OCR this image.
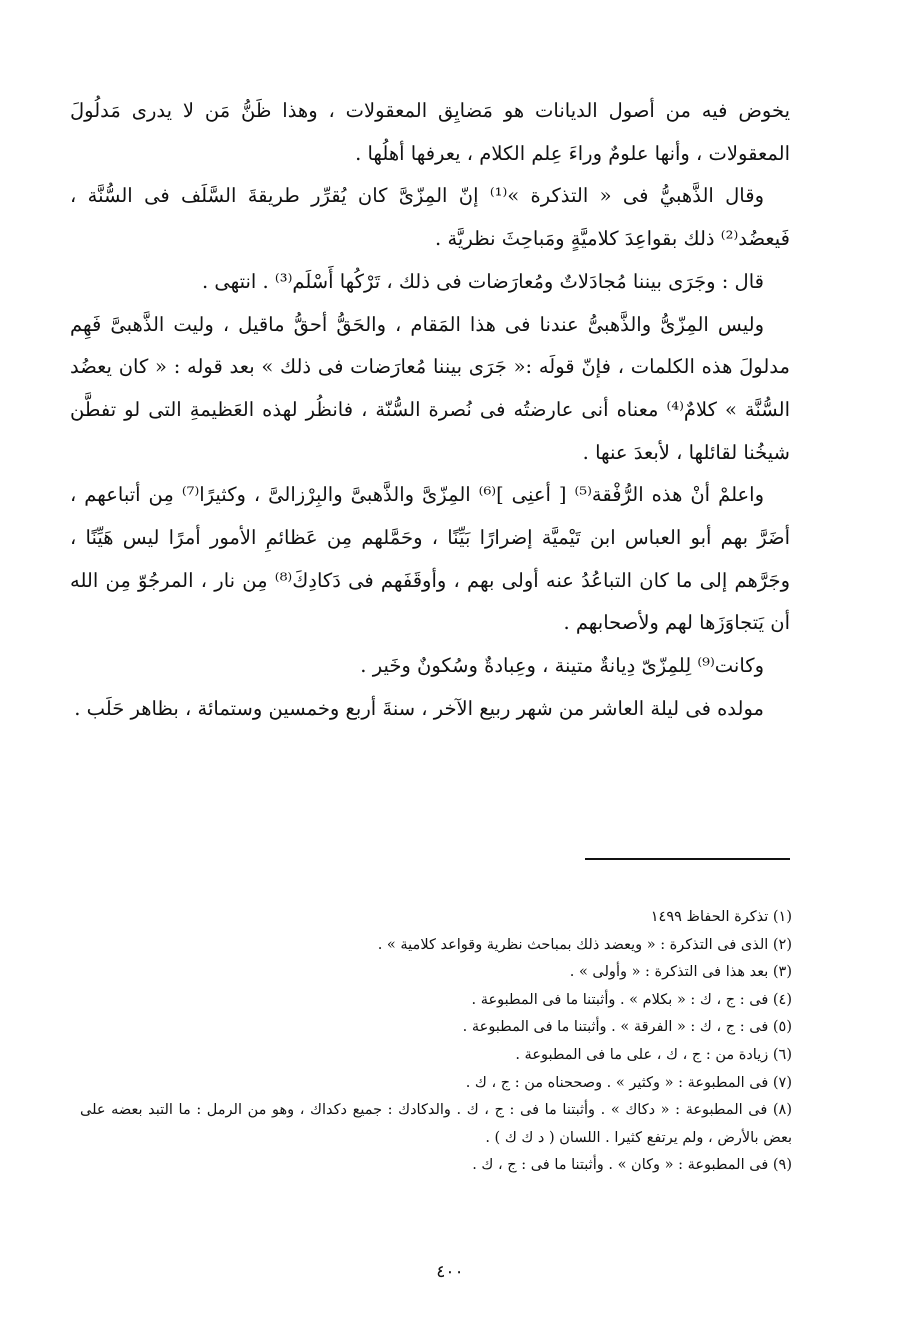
يخوض فيه من أصول الديانات هو مَضايِق المعقولات ، وهذا ظَنُّ مَن لا يدرى مَدلُولَ المعقولات ، وأنها علومٌ وراءَ عِلم الكلام ، يعرفها أهلُها .

وقال الذَّهبيُّ فى « التذكرة »⁽¹⁾ إنّ المِزّىَّ كان يُقرِّر طريقةَ السَّلَف فى السُّنَّة ، فَيعضُد⁽²⁾ ذلك بقواعِدَ كلاميَّةٍ ومَباحِثَ نظريَّة .

قال : وجَرَى بيننا مُجادَلاتٌ ومُعارَضات فى ذلك ، تَرْكُها أَسْلَم⁽³⁾ . انتهى .

وليس المِزّىُّ والذَّهبىُّ عندنا فى هذا المَقام ، والحَقُّ أحقُّ ماقيل ، وليت الذَّهبىَّ فَهِم مدلولَ هذه الكلمات ، فإنّ قولَه :« جَرَى بيننا مُعارَضات فى ذلك » بعد قوله : « كان يعضُد السُّنَّة » كلامٌ⁽⁴⁾ معناه أنى عارضتُه فى نُصرة السُّنّة ، فانظُر لهذه العَظيمةِ التى لو تفطَّن شيخُنا لقائلها ، لأبعدَ عنها .

واعلمْ أنْ هذه الرُّفْقة⁽⁵⁾ [ أعنِى ]⁽⁶⁾ المِزّىَّ والذَّهبىَّ والبِرْزالىَّ ، وكثيرًا⁽⁷⁾ مِن أتباعهم ، أضَرَّ بهم أبو العباس ابن تَيْميَّة إضرارًا بَيِّنًا ، وحَمَّلهم مِن عَظائمِ الأمور أمرًا ليس هَيِّنًا ، وجَرَّهم إلى ما كان التباعُدُ عنه أولى بهم ، وأوقَفَهم فى دَكادِكَ⁽⁸⁾ مِن نار ، المرجُوّ مِن الله أن يَتجاوَزَها لهم ولأصحابهم .

وكانت⁽⁹⁾ لِلمِزّىّ دِيانةٌ متينة ، وعِبادةٌ وسُكونٌ وخَير .

مولده فى ليلة العاشر من شهر ربيع الآخر ، سنةَ أربع وخمسين وستمائة ، بظاهر حَلَب .

(١) تذكرة الحفاظ ١٤٩٩

(٢) الذى فى التذكرة : « ويعضد ذلك بمباحث نظرية وقواعد كلامية » .

(٣) بعد هذا فى التذكرة : « وأولى » .

(٤) فى : ج ، ك : « بكلام » . وأثبتنا ما فى المطبوعة .

(٥) فى : ج ، ك : « الفرقة » . وأثبتنا ما فى المطبوعة .

(٦) زيادة من : ج ، ك ، على ما فى المطبوعة .

(٧) فى المطبوعة : « وكثير » . وصححناه من : ج ، ك .

(٨) فى المطبوعة : « دكاك » . وأثبتنا ما فى : ج ، ك . والدكادك : جميع دكداك ، وهو من الرمل : ما التبد بعضه على بعض بالأرض ، ولم يرتفع كثيرا . اللسان ( د ك ك ) .

(٩) فى المطبوعة : « وكان » . وأثبتنا ما فى : ج ، ك .

٤٠٠
